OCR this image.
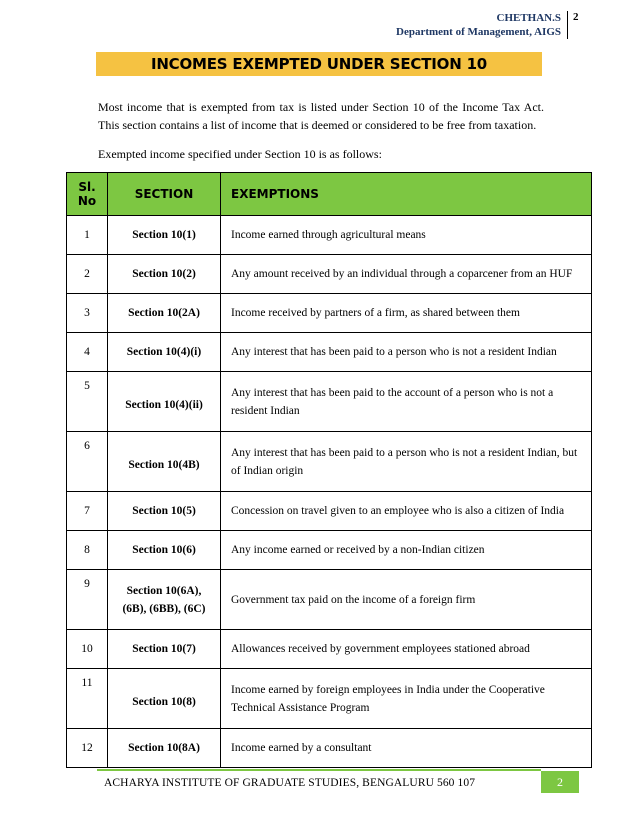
CHETHAN.S
Department of Management, AIGS
2
INCOMES EXEMPTED UNDER SECTION 10

Most income that is exempted from tax is listed under Section 10 of the Income Tax Act. This section contains a list of income that is deemed or considered to be free from taxation.

Exempted income specified under Section 10 is as follows:

Sl. No	SECTION	EXEMPTIONS
1	Section 10(1)	Income earned through agricultural means
2	Section 10(2)	Any amount received by an individual through a coparcener from an HUF
3	Section 10(2A)	Income received by partners of a firm, as shared between them
4	Section 10(4)(i)	Any interest that has been paid to a person who is not a resident Indian
5	Section 10(4)(ii)	Any interest that has been paid to the account of a person who is not a resident Indian
6	Section 10(4B)	Any interest that has been paid to a person who is not a resident Indian, but of Indian origin
7	Section 10(5)	Concession on travel given to an employee who is also a citizen of India
8	Section 10(6)	Any income earned or received by a non-Indian citizen
9	Section 10(6A),
(6B), (6BB), (6C)	Government tax paid on the income of a foreign firm
10	Section 10(7)	Allowances received by government employees stationed abroad
11	Section 10(8)	Income earned by foreign employees in India under the Cooperative Technical Assistance Program
12	Section 10(8A)	Income earned by a consultant
ACHARYA INSTITUTE OF GRADUATE STUDIES, BENGALURU 560 107	2
